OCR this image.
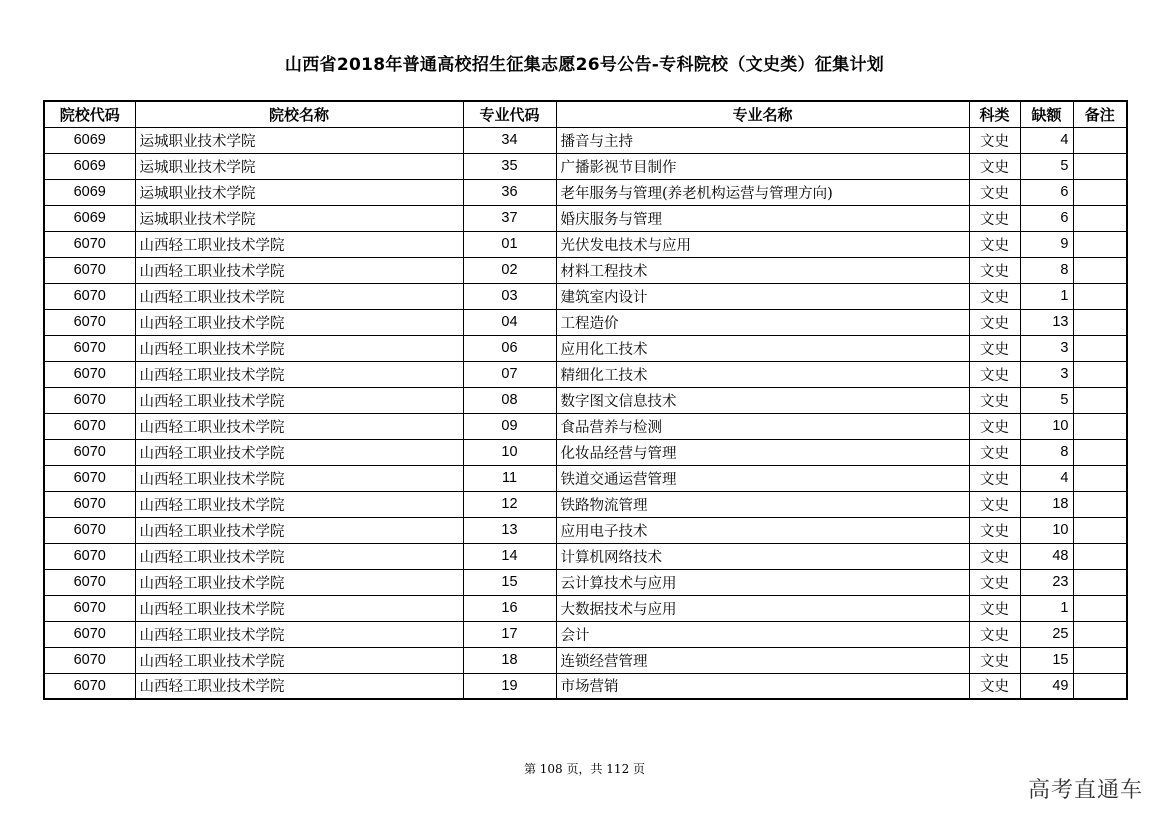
山西省2018年普通高校招生征集志愿26号公告-专科院校（文史类）征集计划
院校代码	院校名称	专业代码	专业名称	科类	缺额	备注
6069	运城职业技术学院	34	播音与主持	文史	4	
6069	运城职业技术学院	35	广播影视节目制作	文史	5	
6069	运城职业技术学院	36	老年服务与管理(养老机构运营与管理方向)	文史	6	
6069	运城职业技术学院	37	婚庆服务与管理	文史	6	
6070	山西轻工职业技术学院	01	光伏发电技术与应用	文史	9	
6070	山西轻工职业技术学院	02	材料工程技术	文史	8	
6070	山西轻工职业技术学院	03	建筑室内设计	文史	1	
6070	山西轻工职业技术学院	04	工程造价	文史	13	
6070	山西轻工职业技术学院	06	应用化工技术	文史	3	
6070	山西轻工职业技术学院	07	精细化工技术	文史	3	
6070	山西轻工职业技术学院	08	数字图文信息技术	文史	5	
6070	山西轻工职业技术学院	09	食品营养与检测	文史	10	
6070	山西轻工职业技术学院	10	化妆品经营与管理	文史	8	
6070	山西轻工职业技术学院	11	铁道交通运营管理	文史	4	
6070	山西轻工职业技术学院	12	铁路物流管理	文史	18	
6070	山西轻工职业技术学院	13	应用电子技术	文史	10	
6070	山西轻工职业技术学院	14	计算机网络技术	文史	48	
6070	山西轻工职业技术学院	15	云计算技术与应用	文史	23	
6070	山西轻工职业技术学院	16	大数据技术与应用	文史	1	
6070	山西轻工职业技术学院	17	会计	文史	25	
6070	山西轻工职业技术学院	18	连锁经营管理	文史	15	
6070	山西轻工职业技术学院	19	市场营销	文史	49	
第 108 页，共 112 页
高考直通车
